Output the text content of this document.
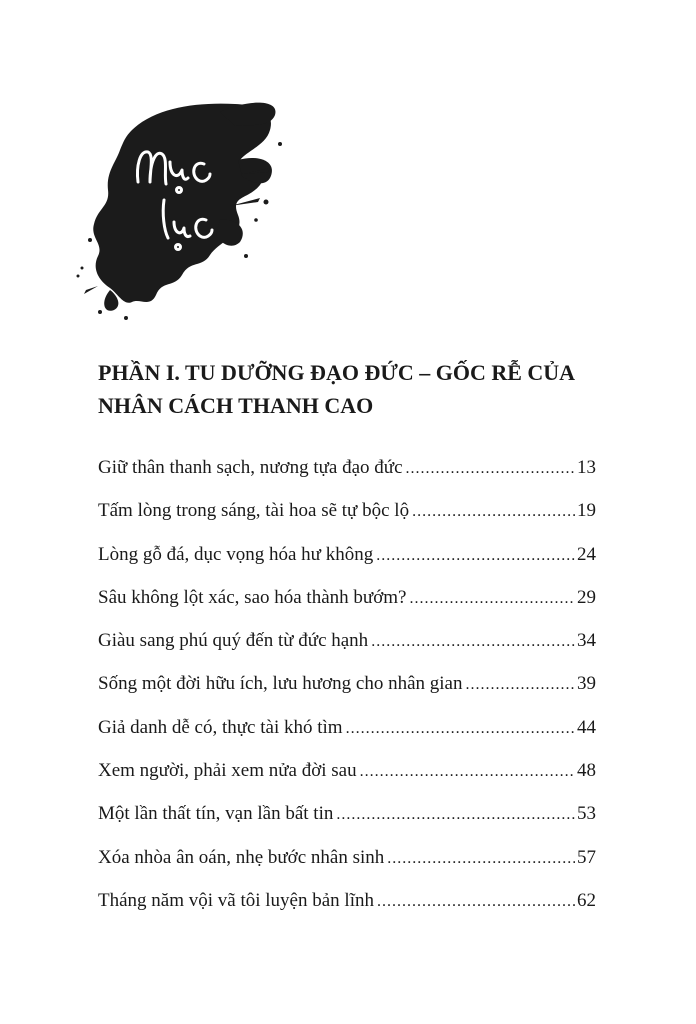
PHẦN I. TU DƯỠNG ĐẠO ĐỨC – GỐC RỄ CỦA
NHÂN CÁCH THANH CAO
Giữ thân thanh sạch, nương tựa đạo đức .....	13
Tấm lòng trong sáng, tài hoa sẽ tự bộc lộ .....	19
Lòng gỗ đá, dục vọng hóa hư không .....	24
Sâu không lột xác, sao hóa thành bướm? .....	29
Giàu sang phú quý đến từ đức hạnh .....	34
Sống một đời hữu ích, lưu hương cho nhân gian .....	39
Giả danh dễ có, thực tài khó tìm .....	44
Xem người, phải xem nửa đời sau .....	48
Một lần thất tín, vạn lần bất tin .....	53
Xóa nhòa ân oán, nhẹ bước nhân sinh .....	57
Tháng năm vội vã tôi luyện bản lĩnh .....	62
